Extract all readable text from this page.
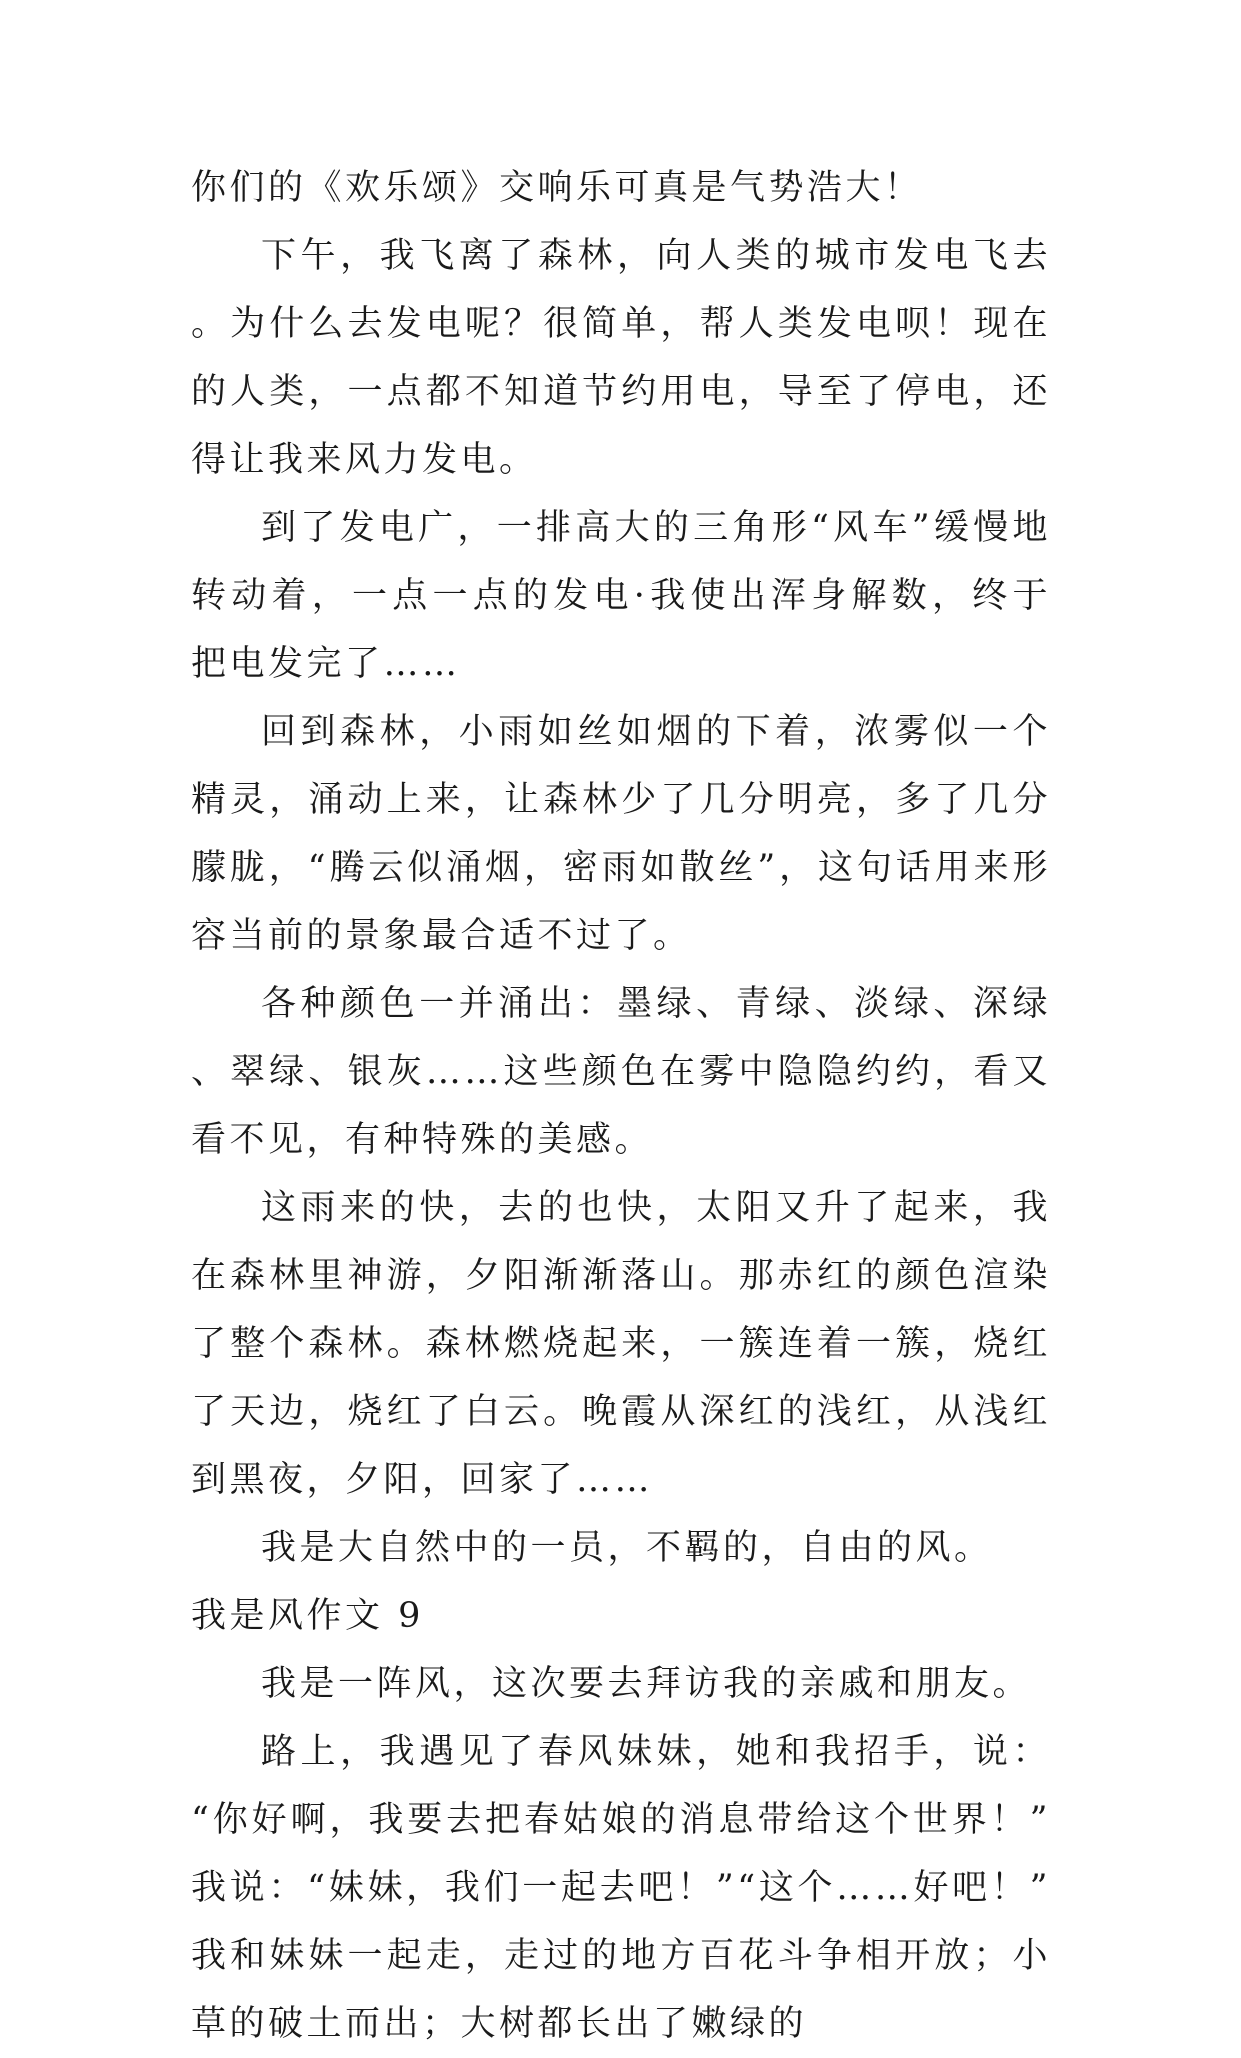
你们的《欢乐颂》交响乐可真是气势浩大！

下午，我飞离了森林，向人类的城市发电飞去。为什么去发电呢？很简单，帮人类发电呗！现在的人类，一点都不知道节约用电，导至了停电，还得让我来风力发电。

到了发电广，一排高大的三角形“风车”缓慢地转动着，一点一点的发电·我使出浑身解数，终于把电发完了……

回到森林，小雨如丝如烟的下着，浓雾似一个精灵，涌动上来，让森林少了几分明亮，多了几分朦胧，“腾云似涌烟，密雨如散丝”，这句话用来形容当前的景象最合适不过了。

各种颜色一并涌出：墨绿、青绿、淡绿、深绿、翠绿、银灰……这些颜色在雾中隐隐约约，看又看不见，有种特殊的美感。

这雨来的快，去的也快，太阳又升了起来，我在森林里神游，夕阳渐渐落山。那赤红的颜色渲染了整个森林。森林燃烧起来，一簇连着一簇，烧红了天边，烧红了白云。晚霞从深红的浅红，从浅红到黑夜，夕阳，回家了……

我是大自然中的一员，不羁的，自由的风。

我是风作文 9

我是一阵风，这次要去拜访我的亲戚和朋友。

路上，我遇见了春风妹妹，她和我招手，说：“你好啊，我要去把春姑娘的消息带给这个世界！”我说：“妹妹，我们一起去吧！”“这个……好吧！”我和妹妹一起走，走过的地方百花斗争相开放；小草的破土而出；大树都长出了嫩绿的
